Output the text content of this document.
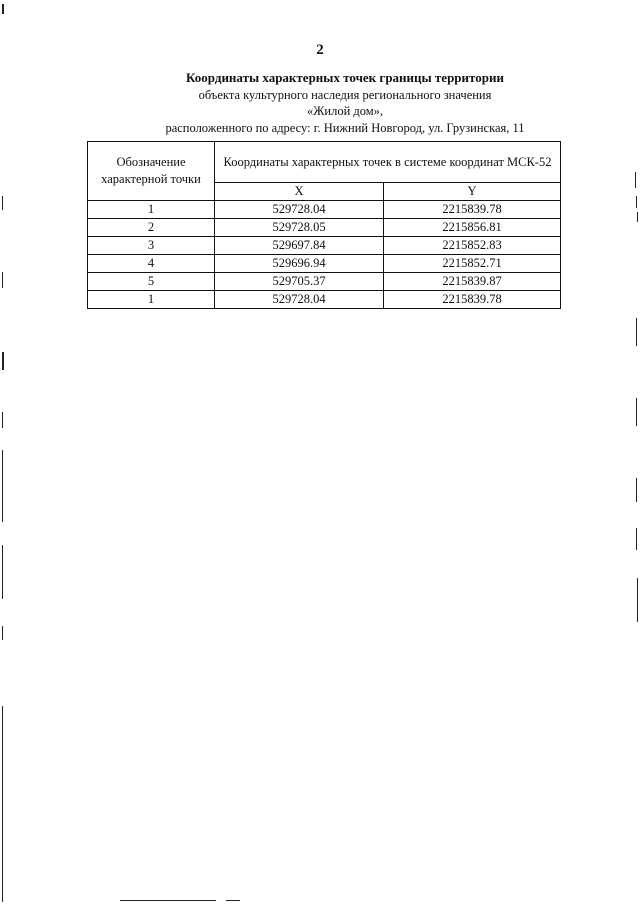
2
Координаты характерных точек границы территории
объекта культурного наследия регионального значения
«Жилой дом»,
расположенного по адресу: г. Нижний Новгород, ул. Грузинская, 11
Обозначение характерной точки	Координаты характерных точек в системе координат МСК-52	
	X	Y
1	529728.04	2215839.78
2	529728.05	2215856.81
3	529697.84	2215852.83
4	529696.94	2215852.71
5	529705.37	2215839.87
1	529728.04	2215839.78
